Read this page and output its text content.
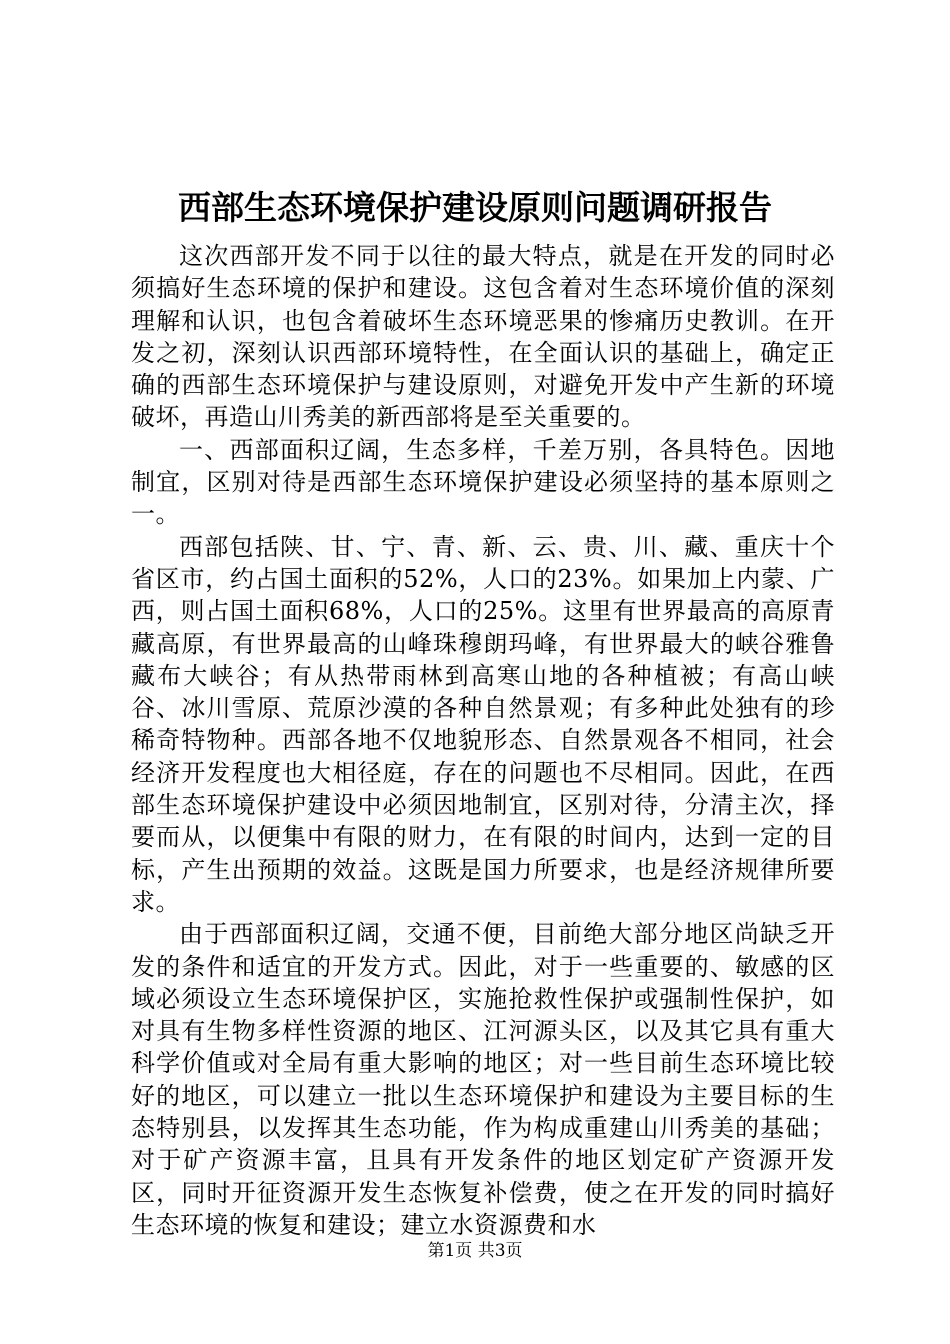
西部生态环境保护建设原则问题调研报告

这次西部开发不同于以往的最大特点，就是在开发的同时必须搞好生态环境的保护和建设。这包含着对生态环境价值的深刻理解和认识，也包含着破坏生态环境恶果的惨痛历史教训。在开发之初，深刻认识西部环境特性，在全面认识的基础上，确定正确的西部生态环境保护与建设原则，对避免开发中产生新的环境破坏，再造山川秀美的新西部将是至关重要的。

一、西部面积辽阔，生态多样，千差万别，各具特色。因地制宜，区别对待是西部生态环境保护建设必须坚持的基本原则之一。

西部包括陕、甘、宁、青、新、云、贵、川、藏、重庆十个省区市，约占国土面积的52%，人口的23%。如果加上内蒙、广西，则占国土面积68%，人口的25%。这里有世界最高的高原青藏高原，有世界最高的山峰珠穆朗玛峰，有世界最大的峡谷雅鲁藏布大峡谷；有从热带雨林到高寒山地的各种植被；有高山峡谷、冰川雪原、荒原沙漠的各种自然景观；有多种此处独有的珍稀奇特物种。西部各地不仅地貌形态、自然景观各不相同，社会经济开发程度也大相径庭，存在的问题也不尽相同。因此，在西部生态环境保护建设中必须因地制宜，区别对待，分清主次，择要而从，以便集中有限的财力，在有限的时间内，达到一定的目标，产生出预期的效益。这既是国力所要求，也是经济规律所要求。

由于西部面积辽阔，交通不便，目前绝大部分地区尚缺乏开发的条件和适宜的开发方式。因此，对于一些重要的、敏感的区域必须设立生态环境保护区，实施抢救性保护或强制性保护，如对具有生物多样性资源的地区、江河源头区，以及其它具有重大科学价值或对全局有重大影响的地区；对一些目前生态环境比较好的地区，可以建立一批以生态环境保护和建设为主要目标的生态特别县，以发挥其生态功能，作为构成重建山川秀美的基础；对于矿产资源丰富，且具有开发条件的地区划定矿产资源开发区，同时开征资源开发生态恢复补偿费，使之在开发的同时搞好生态环境的恢复和建设；建立水资源费和水

第1页 共3页
